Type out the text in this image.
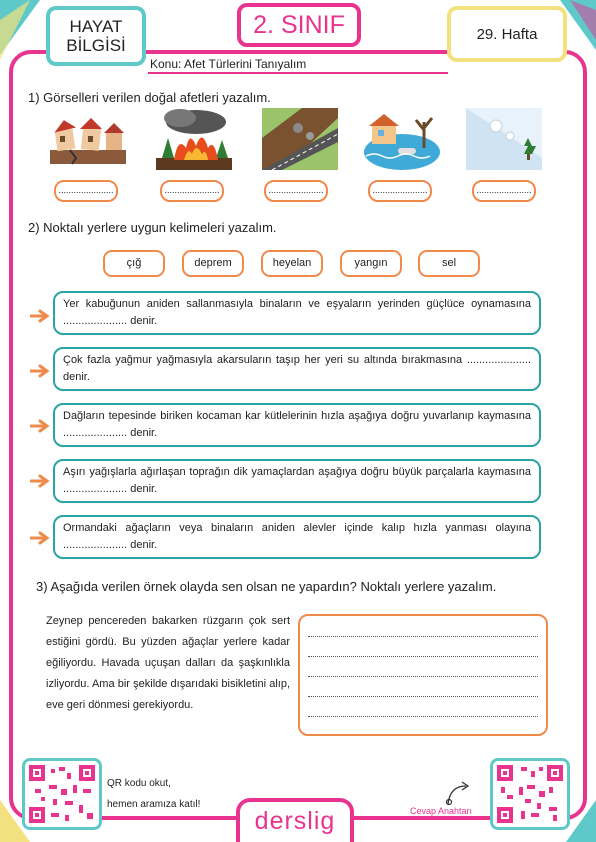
HAYAT BİLGİSİ
2. SINIF	29. Hafta
Konu: Afet Türlerini Tanıyalım
1) Görselleri verilen doğal afetleri yazalım.
......................	......................	......................	......................	......................
2) Noktalı yerlere uygun kelimeleri yazalım.
çığ	deprem	heyelan	yangın	sel
Yer kabuğunun aniden sallanmasıyla binaların ve eşyaların yerinden güçlüce oynamasına ..................... denir.
Çok fazla yağmur yağmasıyla akarsuların taşıp her yeri su altında bırakmasına ..................... denir.
Dağların tepesinde biriken kocaman kar kütlelerinin hızla aşağıya doğru yuvarlanıp kaymasına ..................... denir.
Aşırı yağışlarla ağırlaşan toprağın dik yamaçlardan aşağıya doğru büyük parçalarla kaymasına ..................... denir.
Ormandaki ağaçların veya binaların aniden alevler içinde kalıp hızla yanması olayına ..................... denir.
3) Aşağıda verilen örnek olayda sen olsan ne yapardın? Noktalı yerlere yazalım.
Zeynep pencereden bakarken rüzgarın çok sert estiğini gördü. Bu yüzden ağaçlar yerlere kadar eğiliyordu. Havada uçuşan dalları da şaşkınlıkla izliyordu. Ama bir şekilde dışarıdaki bisikletini alıp, eve geri dönmesi gerekiyordu.
QR kodu okut,
hemen aramıza katıl!
derslig	Cevap Anahtarı
